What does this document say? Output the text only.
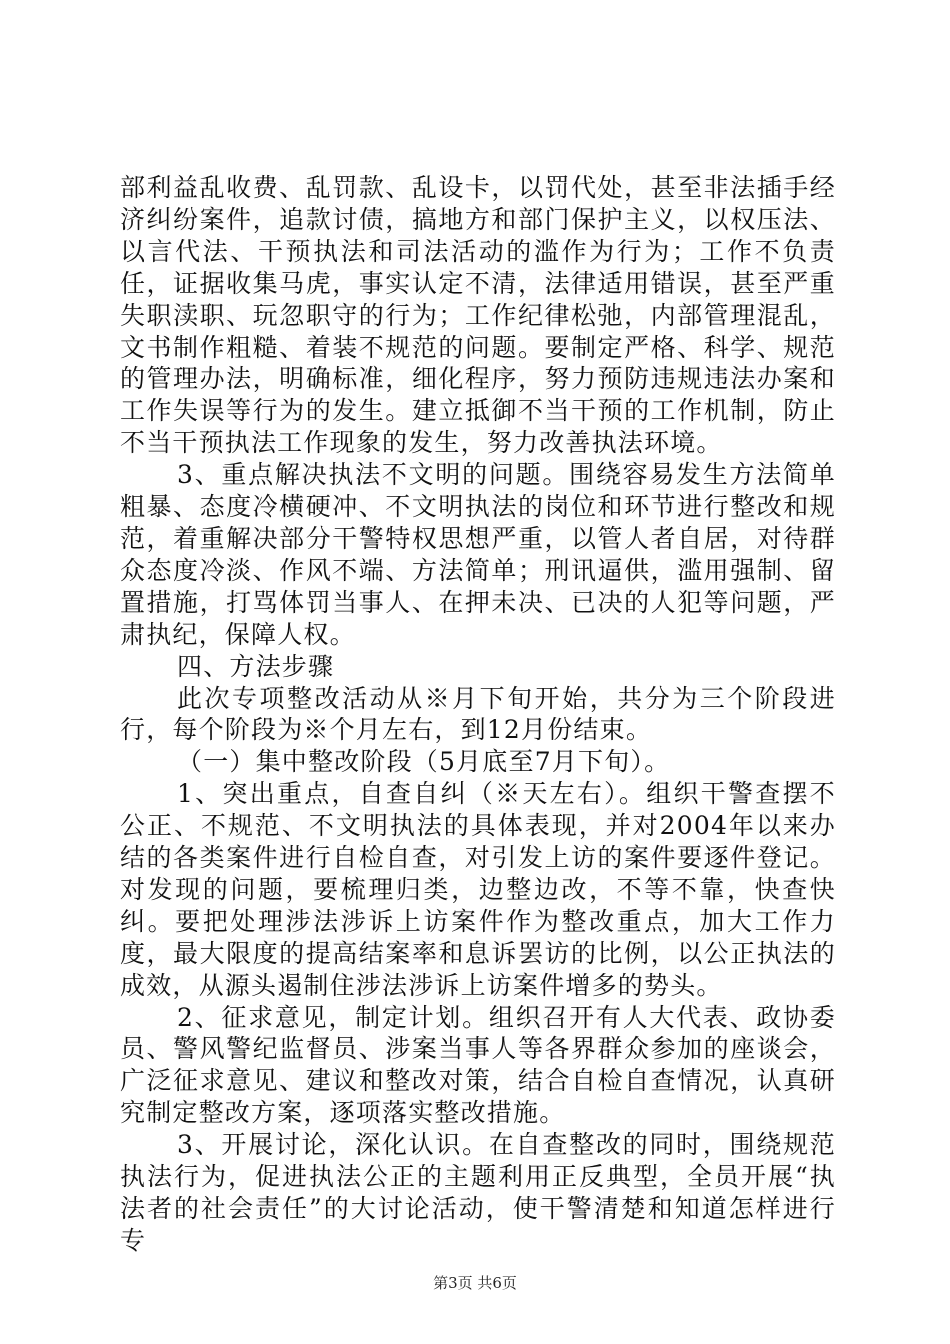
部利益乱收费、乱罚款、乱设卡，以罚代处，甚至非法插手经济纠纷案件，追款讨债，搞地方和部门保护主义，以权压法、以言代法、干预执法和司法活动的滥作为行为；工作不负责任，证据收集马虎，事实认定不清，法律适用错误，甚至严重失职渎职、玩忽职守的行为；工作纪律松弛，内部管理混乱，文书制作粗糙、着装不规范的问题。要制定严格、科学、规范的管理办法，明确标准，细化程序，努力预防违规违法办案和工作失误等行为的发生。建立抵御不当干预的工作机制，防止不当干预执法工作现象的发生，努力改善执法环境。

3、重点解决执法不文明的问题。围绕容易发生方法简单粗暴、态度冷横硬冲、不文明执法的岗位和环节进行整改和规范，着重解决部分干警特权思想严重，以管人者自居，对待群众态度冷淡、作风不端、方法简单；刑讯逼供，滥用强制、留置措施，打骂体罚当事人、在押未决、已决的人犯等问题，严肃执纪，保障人权。

四、方法步骤

此次专项整改活动从※月下旬开始，共分为三个阶段进行，每个阶段为※个月左右，到12月份结束。

（一）集中整改阶段（5月底至7月下旬）。

1、突出重点，自查自纠（※天左右）。组织干警查摆不公正、不规范、不文明执法的具体表现，并对2004年以来办结的各类案件进行自检自查，对引发上访的案件要逐件登记。对发现的问题，要梳理归类，边整边改，不等不靠，快查快纠。要把处理涉法涉诉上访案件作为整改重点，加大工作力度，最大限度的提高结案率和息诉罢访的比例，以公正执法的成效，从源头遏制住涉法涉诉上访案件增多的势头。

2、征求意见，制定计划。组织召开有人大代表、政协委员、警风警纪监督员、涉案当事人等各界群众参加的座谈会，广泛征求意见、建议和整改对策，结合自检自查情况，认真研究制定整改方案，逐项落实整改措施。

3、开展讨论，深化认识。在自查整改的同时，围绕规范执法行为，促进执法公正的主题利用正反典型，全员开展“执法者的社会责任”的大讨论活动，使干警清楚和知道怎样进行专

第3页 共6页
